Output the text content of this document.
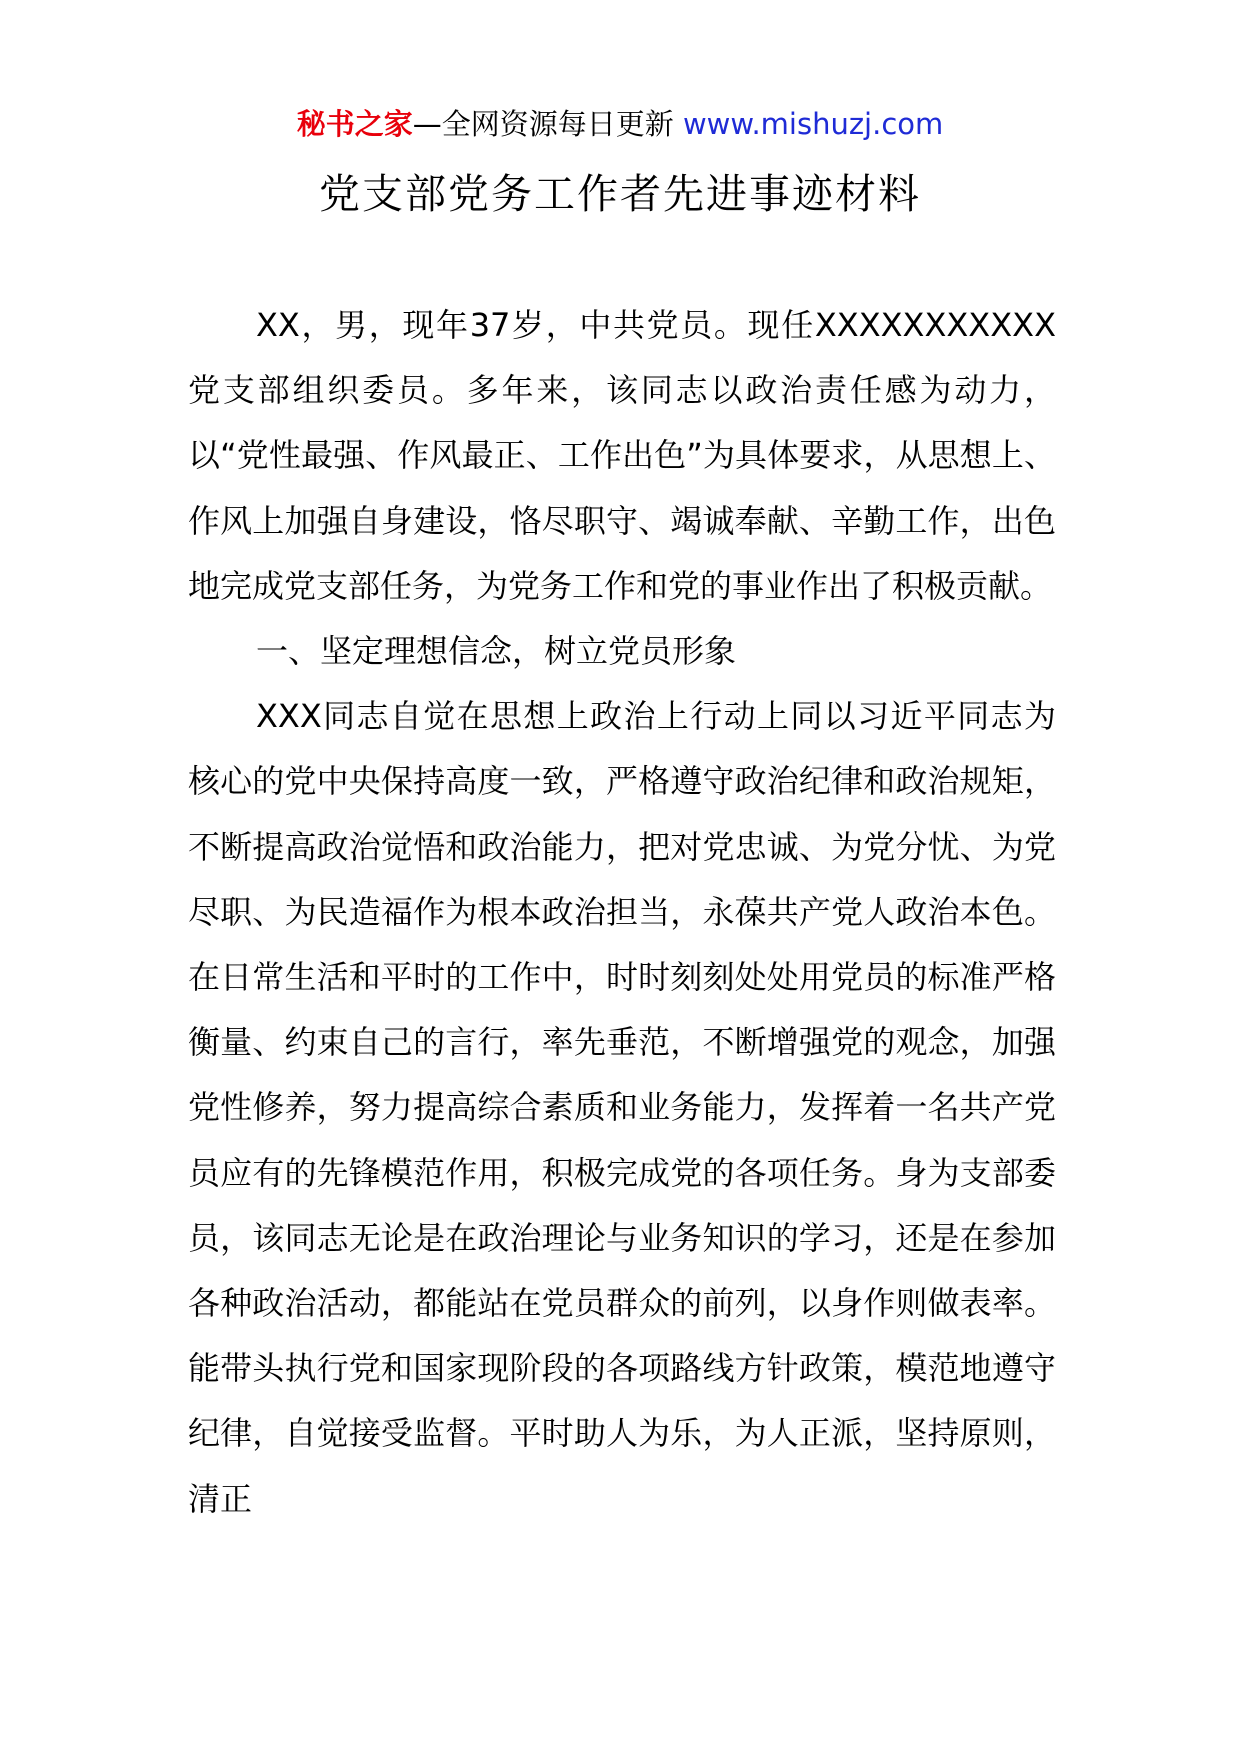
秘书之家—全网资源每日更新 www.mishuzj.com
党支部党务工作者先进事迹材料

XX，男，现年37岁，中共党员。现任XXXXXXXXXXX党支部组织委员。多年来，该同志以政治责任感为动力，以“党性最强、作风最正、工作出色”为具体要求，从思想上、作风上加强自身建设，恪尽职守、竭诚奉献、辛勤工作，出色地完成党支部任务，为党务工作和党的事业作出了积极贡献。

一、坚定理想信念，树立党员形象

XXX同志自觉在思想上政治上行动上同以习近平同志为核心的党中央保持高度一致，严格遵守政治纪律和政治规矩，不断提高政治觉悟和政治能力，把对党忠诚、为党分忧、为党尽职、为民造福作为根本政治担当，永葆共产党人政治本色。在日常生活和平时的工作中，时时刻刻处处用党员的标准严格衡量、约束自己的言行，率先垂范，不断增强党的观念，加强党性修养，努力提高综合素质和业务能力，发挥着一名共产党员应有的先锋模范作用，积极完成党的各项任务。身为支部委员，该同志无论是在政治理论与业务知识的学习，还是在参加各种政治活动，都能站在党员群众的前列，以身作则做表率。能带头执行党和国家现阶段的各项路线方针政策，模范地遵守纪律，自觉接受监督。平时助人为乐，为人正派，坚持原则，清正
